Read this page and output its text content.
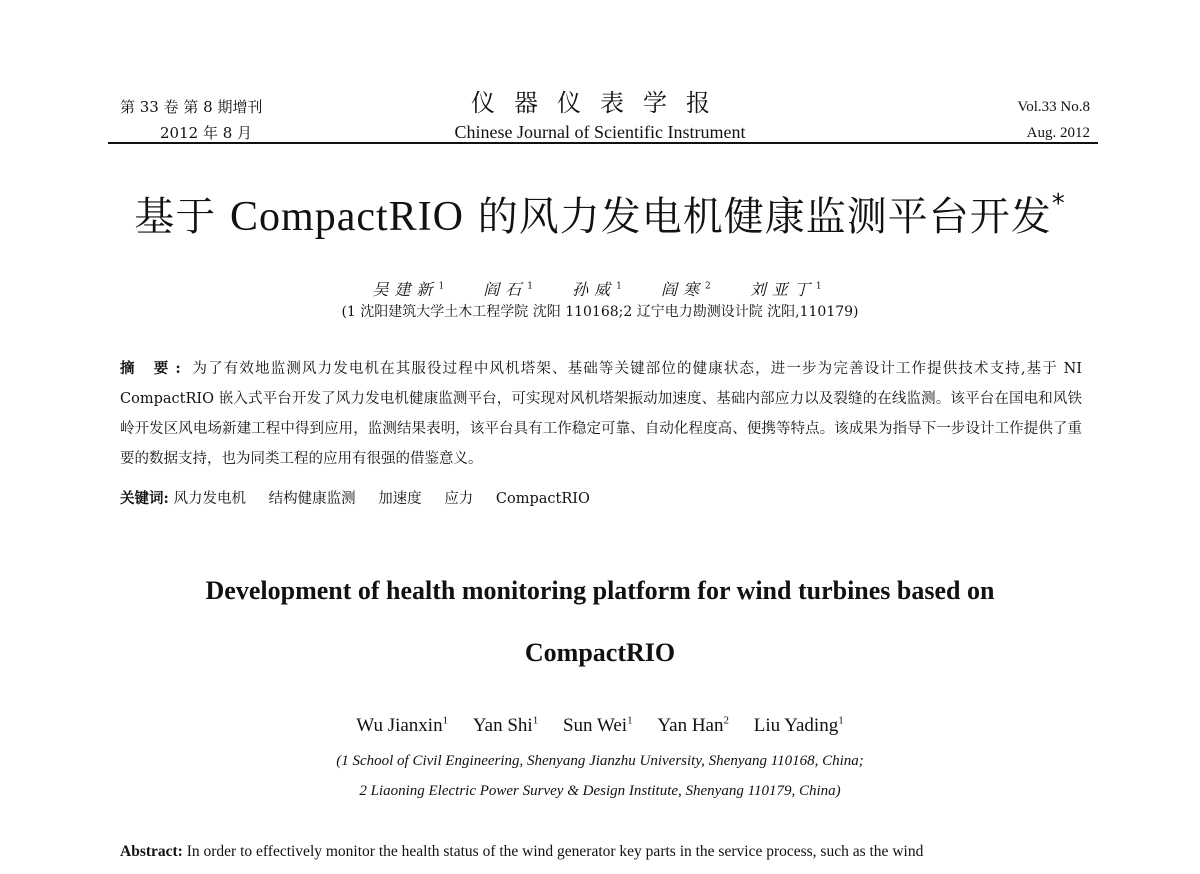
第 33 卷 第 8 期增刊
2012 年 8 月
仪器仪表学报
Chinese Journal of Scientific Instrument
Vol.33 No.8
Aug. 2012
基于 CompactRIO 的风力发电机健康监测平台开发*
吴建新$^1$ 阎石$^1$ 孙威$^1$ 阎寒$^2$ 刘亚丁$^1$
(1 沈阳建筑大学土木工程学院 沈阳 110168;2 辽宁电力勘测设计院 沈阳,110179)
摘 要: 为了有效地监测风力发电机在其服役过程中风机塔架、基础等关键部位的健康状态，进一步为完善设计工作提供技术支持,基于 NI CompactRIO 嵌入式平台开发了风力发电机健康监测平台，可实现对风机塔架振动加速度、基础内部应力以及裂缝的在线监测。该平台在国电和风铁岭开发区风电场新建工程中得到应用，监测结果表明，该平台具有工作稳定可靠、自动化程度高、便携等特点。该成果为指导下一步设计工作提供了重要的数据支持，也为同类工程的应用有很强的借鉴意义。
关键词: 风力发电机 结构健康监测 加速度 应力 CompactRIO
Development of health monitoring platform for wind turbines based on
CompactRIO
Wu Jianxin$^1$ Yan Shi$^1$ Sun Wei$^1$ Yan Han$^2$ Liu Yading$^1$
(1 School of Civil Engineering, Shenyang Jianzhu University, Shenyang 110168, China;
2 Liaoning Electric Power Survey & Design Institute, Shenyang 110179, China)
Abstract: In order to effectively monitor the health status of the wind generator key parts in the service process, such as the wind
